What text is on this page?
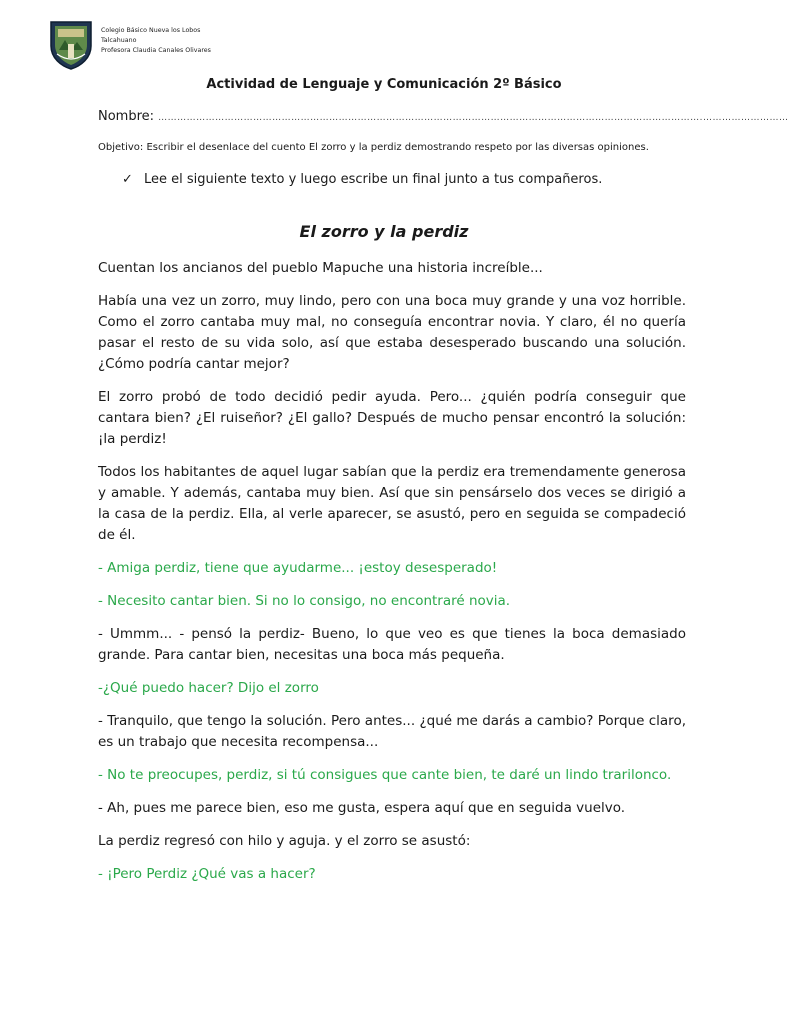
Colegio Básico Nueva los Lobos
Talcahuano
Profesora Claudia Canales Olivares
Actividad de Lenguaje y Comunicación 2º Básico
Nombre: ……………………………………………………………………………………………………………………………………………………….………………………
Objetivo: Escribir el desenlace del cuento El zorro y la perdiz demostrando respeto por las diversas opiniones.
✓ Lee el siguiente texto y luego escribe un final junto a tus compañeros.
El zorro y la perdiz

Cuentan los ancianos del pueblo Mapuche una historia increíble...

Había una vez un zorro, muy lindo, pero con una boca muy grande y una voz horrible. Como el zorro cantaba muy mal, no conseguía encontrar novia. Y claro, él no quería pasar el resto de su vida solo, así que estaba desesperado buscando una solución. ¿Cómo podría cantar mejor?

El zorro probó de todo decidió pedir ayuda. Pero... ¿quién podría conseguir que cantara bien? ¿El ruiseñor? ¿El gallo? Después de mucho pensar encontró la solución: ¡la perdiz!

Todos los habitantes de aquel lugar sabían que la perdiz era tremendamente generosa y amable. Y además, cantaba muy bien. Así que sin pensárselo dos veces se dirigió a la casa de la perdiz. Ella, al verle aparecer, se asustó, pero en seguida se compadeció de él.

- Amiga perdiz, tiene que ayudarme... ¡estoy desesperado!

- Necesito cantar bien. Si no lo consigo, no encontraré novia.

- Ummm... - pensó la perdiz- Bueno, lo que veo es que tienes la boca demasiado grande. Para cantar bien, necesitas una boca más pequeña.

-¿Qué puedo hacer? Dijo el zorro

- Tranquilo, que tengo la solución. Pero antes... ¿qué me darás a cambio? Porque claro, es un trabajo que necesita recompensa...

- No te preocupes, perdiz, si tú consigues que cante bien, te daré un lindo trarilonco.

- Ah, pues me parece bien, eso me gusta, espera aquí que en seguida vuelvo.

La perdiz regresó con hilo y aguja. y el zorro se asustó:

- ¡Pero Perdiz ¿Qué vas a hacer?
